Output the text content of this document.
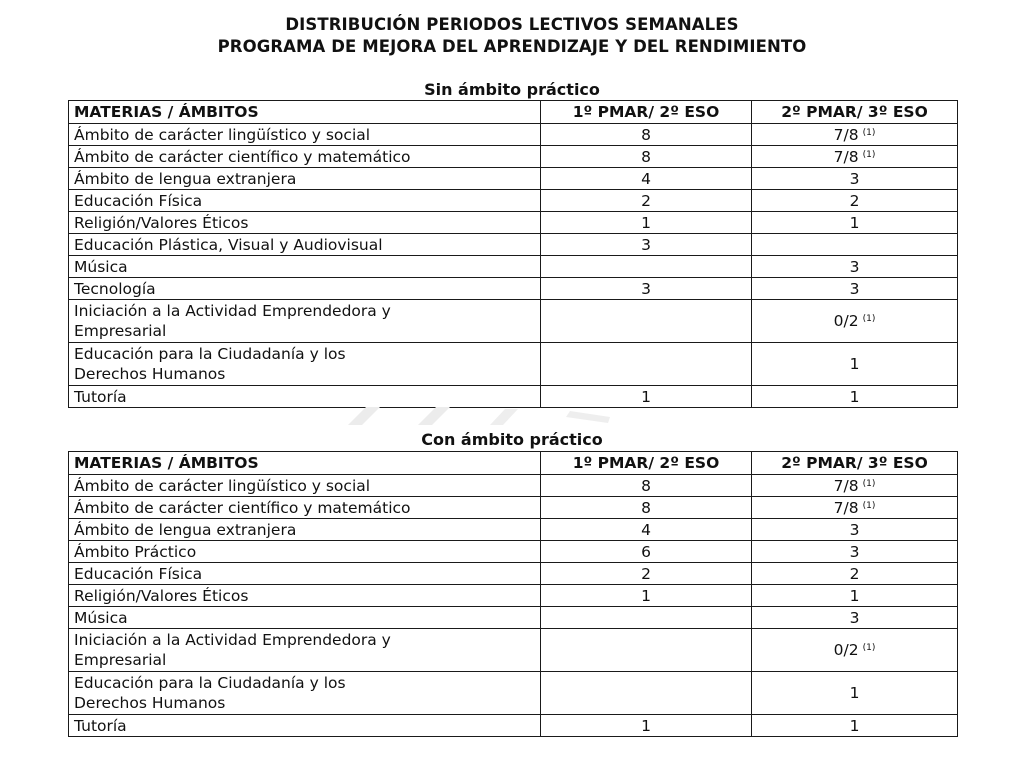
DISTRIBUCIÓN PERIODOS LECTIVOS SEMANALES
PROGRAMA DE MEJORA DEL APRENDIZAJE Y DEL RENDIMIENTO
Sin ámbito práctico
MATERIAS / ÁMBITOS	1º PMAR/ 2º ESO	2º PMAR/ 3º ESO
Ámbito de carácter lingüístico y social	8	7/8 $^{(1)}$
Ámbito de carácter científico y matemático	8	7/8 $^{(1)}$
Ámbito de lengua extranjera	4	3
Educación Física	2	2
Religión/Valores Éticos	1	1
Educación Plástica, Visual y Audiovisual	3	
Música		3
Tecnología	3	3

Iniciación a la Actividad Emprendedora y
Empresarial		0/2 $^{(1)}$

Educación para la Ciudadanía y los
Derechos Humanos		1
Tutoría	1	1
Con ámbito práctico
MATERIAS / ÁMBITOS	1º PMAR/ 2º ESO	2º PMAR/ 3º ESO
Ámbito de carácter lingüístico y social	8	7/8 $^{(1)}$
Ámbito de carácter científico y matemático	8	7/8 $^{(1)}$
Ámbito de lengua extranjera	4	3
Ámbito Práctico	6	3
Educación Física	2	2
Religión/Valores Éticos	1	1
Música		3

Iniciación a la Actividad Emprendedora y
Empresarial		0/2 $^{(1)}$

Educación para la Ciudadanía y los
Derechos Humanos		1
Tutoría	1	1
